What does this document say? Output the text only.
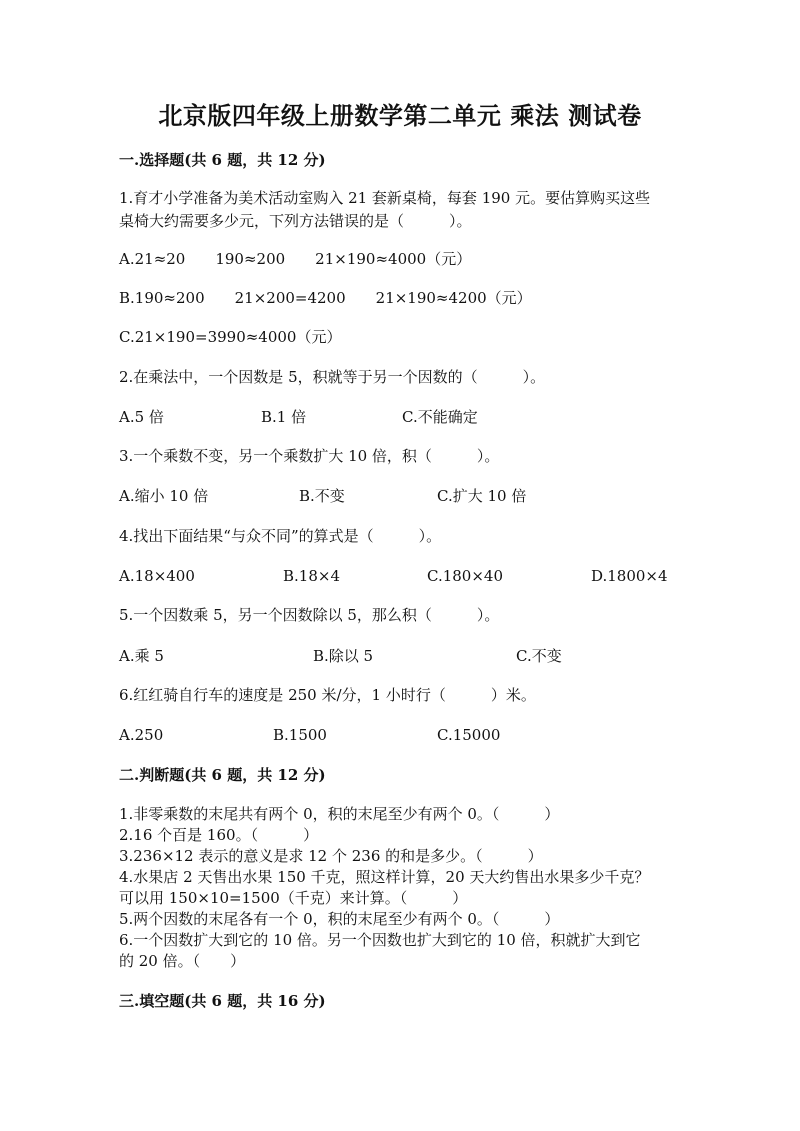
北京版四年级上册数学第二单元 乘法 测试卷
一.选择题(共 6 题，共 12 分)
1.育才小学准备为美术活动室购入 21 套新桌椅，每套 190 元。要估算购买这些
桌椅大约需要多少元，下列方法错误的是（　　　）。
A.21≈20　　190≈200　　21×190≈4000（元）
B.190≈200　　21×200=4200　　21×190≈4200（元）
C.21×190=3990≈4000（元）
2.在乘法中，一个因数是 5，积就等于另一个因数的（　　　）。
A.5 倍	B.1 倍	C.不能确定
3.一个乘数不变，另一个乘数扩大 10 倍，积（　　　）。
A.缩小 10 倍	B.不变	C.扩大 10 倍
4.找出下面结果“与众不同”的算式是（　　　）。
A.18×400	B.18×4	C.180×40	D.1800×4
5.一个因数乘 5，另一个因数除以 5，那么积（　　　）。
A.乘 5	B.除以 5	C.不变
6.红红骑自行车的速度是 250 米/分，1 小时行（　　　）米。
A.250	B.1500	C.15000
二.判断题(共 6 题，共 12 分)
1.非零乘数的末尾共有两个 0，积的末尾至少有两个 0。（　　　）
2.16 个百是 160。（　　　）
3.236×12 表示的意义是求 12 个 236 的和是多少。（　　　）
4.水果店 2 天售出水果 150 千克，照这样计算，20 天大约售出水果多少千克？
可以用 150×10=1500（千克）来计算。（　　　）
5.两个因数的末尾各有一个 0，积的末尾至少有两个 0。（　　　）
6.一个因数扩大到它的 10 倍。另一个因数也扩大到它的 10 倍，积就扩大到它
的 20 倍。（　　）
三.填空题(共 6 题，共 16 分)
